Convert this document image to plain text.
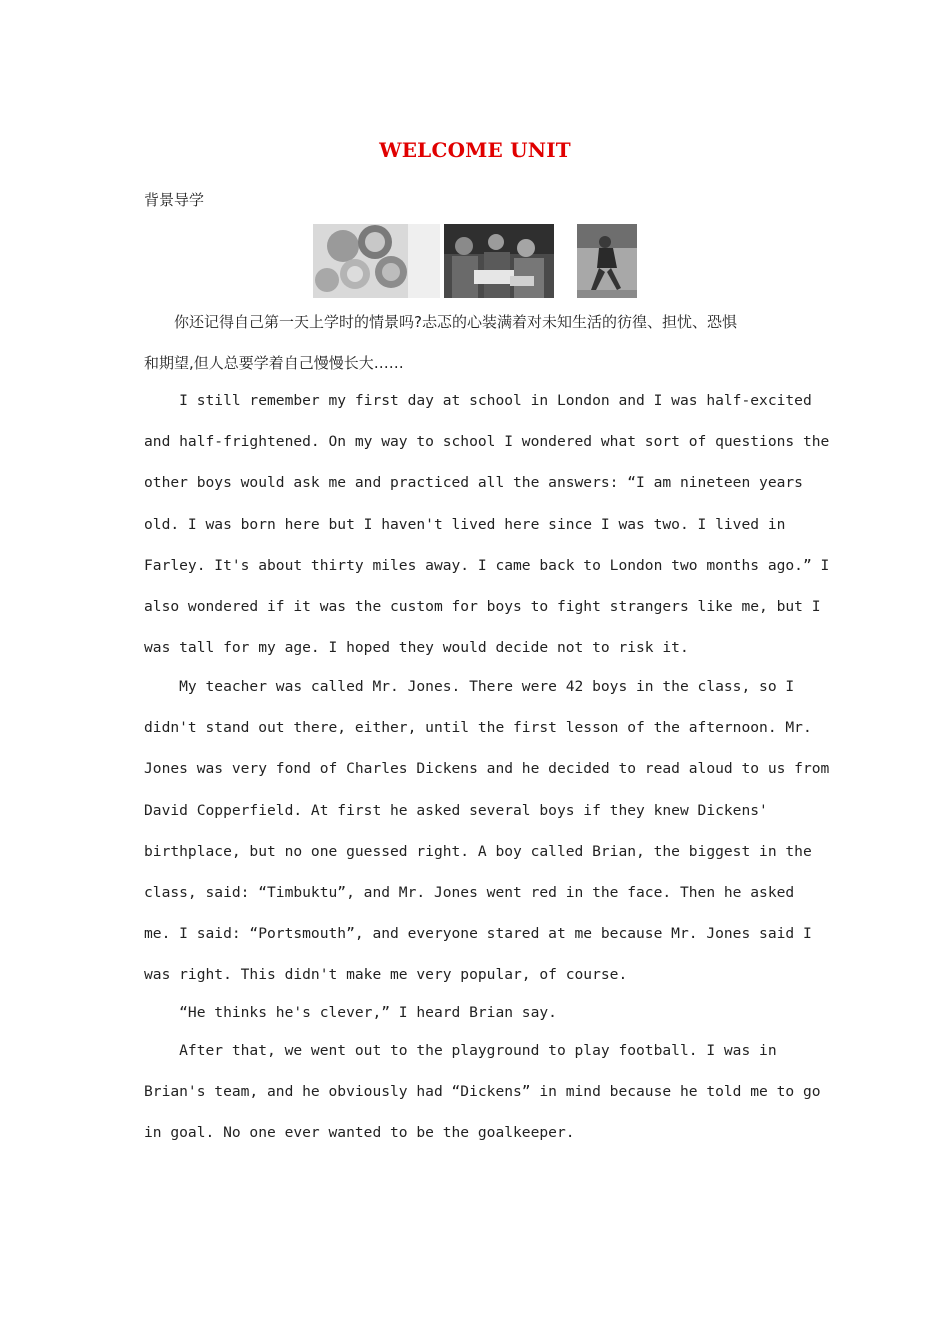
WELCOME UNIT
背景导学
　　你还记得自己第一天上学时的情景吗?忐忑的心装满着对未知生活的彷徨、担忧、恐惧
和期望,但人总要学着自己慢慢长大……
I still remember my first day at school in London and I was half-excited
and half-frightened. On my way to school I wondered what sort of questions the
other boys would ask me and practiced all the answers: “I am nineteen years
old. I was born here but I haven't lived here since I was two. I lived in
Farley. It's about thirty miles away. I came back to London two months ago.” I
also wondered if it was the custom for boys to fight strangers like me, but I
was tall for my age. I hoped they would decide not to risk it.
My teacher was called Mr. Jones. There were 42 boys in the class, so I
didn't stand out there, either, until the first lesson of the afternoon. Mr.
Jones was very fond of Charles Dickens and he decided to read aloud to us from
David Copperfield. At first he asked several boys if they knew Dickens'
birthplace, but no one guessed right. A boy called Brian, the biggest in the
class, said: “Timbuktu”, and Mr. Jones went red in the face. Then he asked
me. I said: “Portsmouth”, and everyone stared at me because Mr. Jones said I
was right. This didn't make me very popular, of course.
“He thinks he's clever,” I heard Brian say.
After that, we went out to the playground to play football. I was in
Brian's team, and he obviously had “Dickens” in mind because he told me to go
in goal. No one ever wanted to be the goalkeeper.
